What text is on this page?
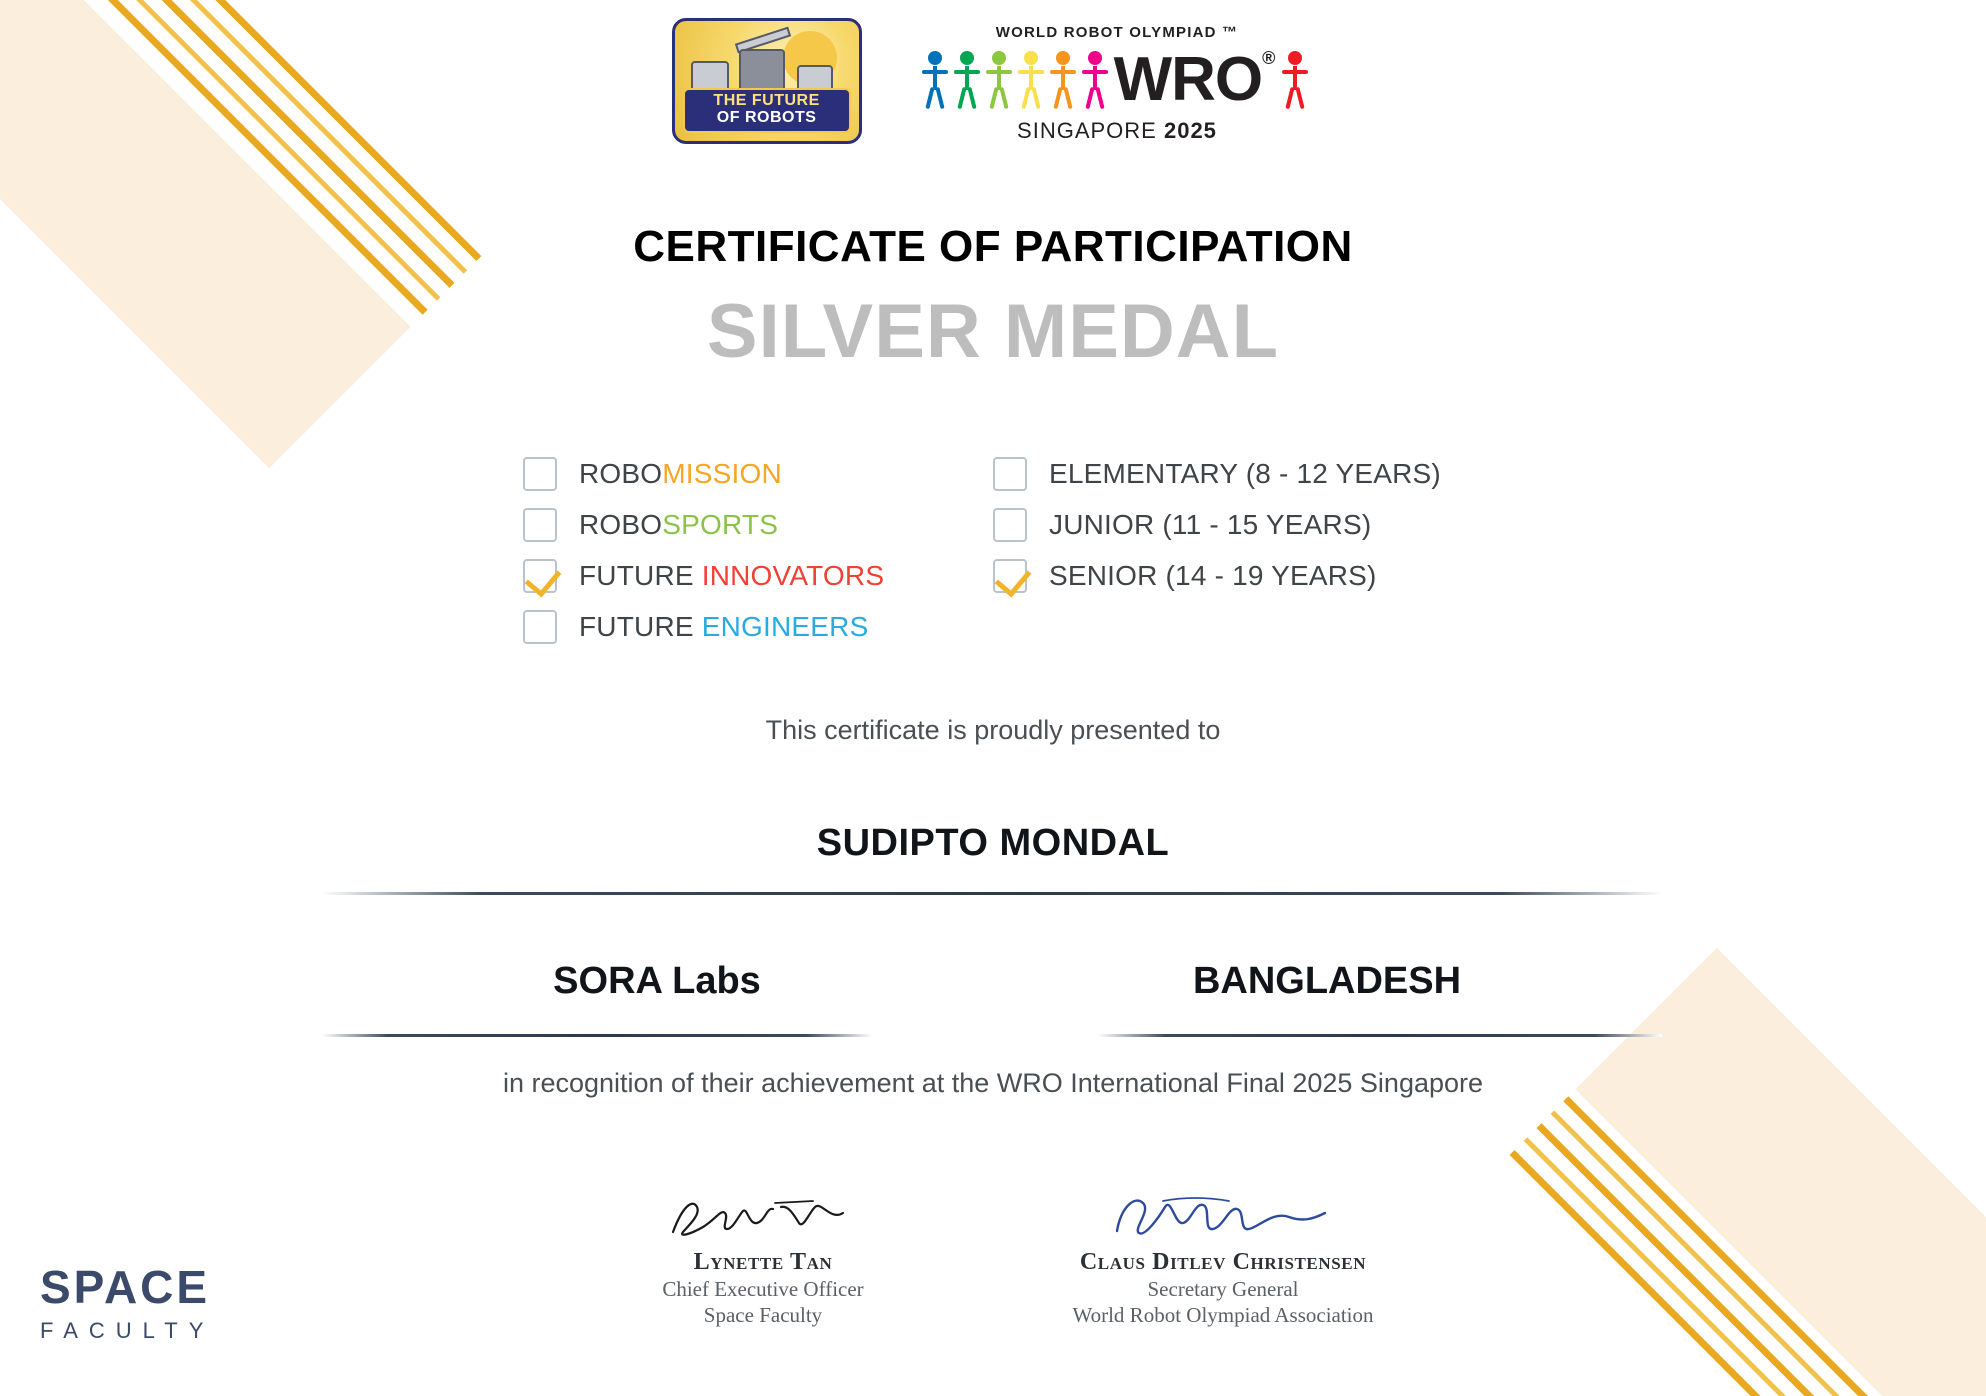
THE FUTURE
OF ROBOTS
WORLD ROBOT OLYMPIAD ™
WRO®
SINGAPORE 2025
CERTIFICATE OF PARTICIPATION
SILVER MEDAL
ROBOMISSION
ROBOSPORTS
FUTURE INNOVATORS
FUTURE ENGINEERS
ELEMENTARY (8 - 12 YEARS)
JUNIOR (11 - 15 YEARS)
SENIOR (14 - 19 YEARS)
This certificate is proudly presented to
SUDIPTO MONDAL
SORA Labs	BANGLADESH
in recognition of their achievement at the WRO International Final 2025 Singapore
Lynette Tan
Chief Executive Officer
Space Faculty
Claus Ditlev Christensen
Secretary General
World Robot Olympiad Association
SPACE
FACULTY
